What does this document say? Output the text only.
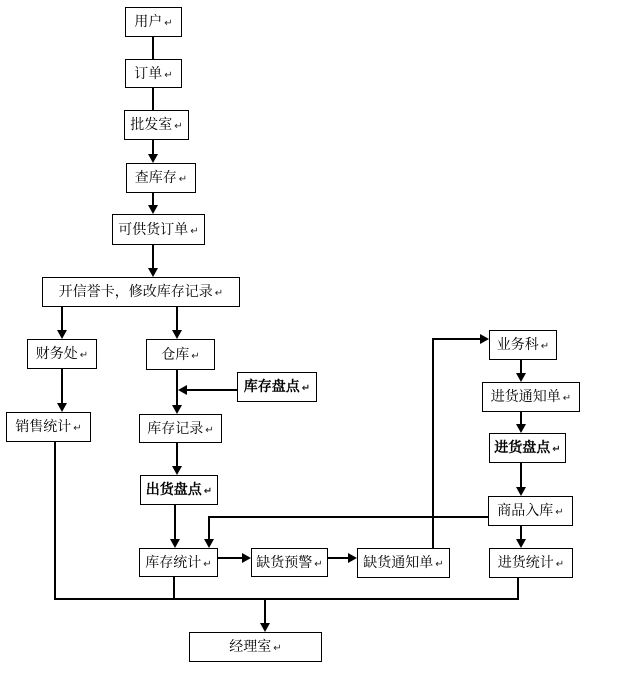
用户 ↵
订单 ↵
批发室 ↵
查库存 ↵
可供货订单 ↵
开信誉卡，修改库存记录 ↵
财务处 ↵	仓库 ↵
库存盘点 ↵
销售统计 ↵	库存记录 ↵
出货盘点 ↵
库存统计 ↵	缺货预警 ↵	缺货通知单 ↵
业务科 ↵
进货通知单 ↵
进货盘点 ↵
商品入库 ↵
进货统计 ↵
经理室 ↵
